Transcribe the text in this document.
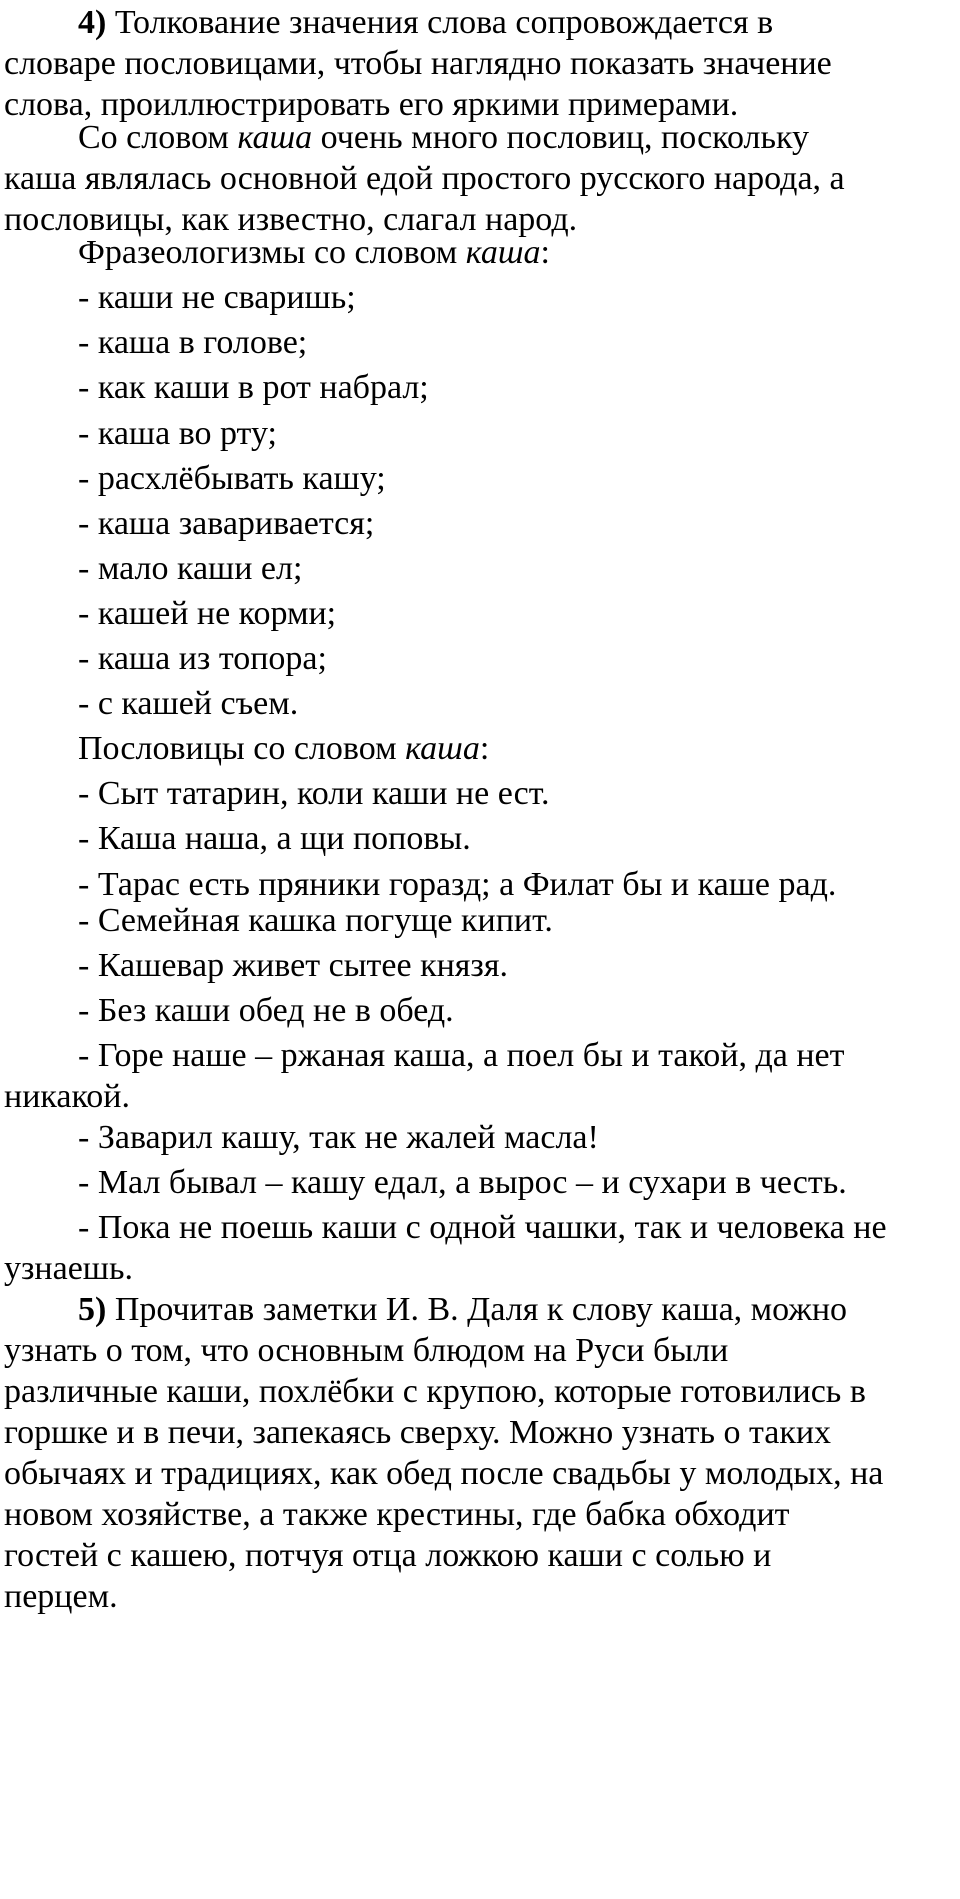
4) Толкование значения слова сопровождается в
словаре пословицами, чтобы наглядно показать значение
слова, проиллюстрировать его яркими примерами.
Со словом каша очень много пословиц, поскольку
каша являлась основной едой простого русского народа, а
пословицы, как известно, слагал народ.
Фразеологизмы со словом каша:
- каши не сваришь;
- каша в голове;
- как каши в рот набрал;
- каша во рту;
- расхлёбывать кашу;
- каша заваривается;
- мало каши ел;
- кашей не корми;
- каша из топора;
- с кашей съем.
Пословицы со словом каша:
- Сыт татарин, коли каши не ест.
- Каша наша, а щи поповы.
- Тарас есть пряники горазд; а Филат бы и каше рад.
- Семейная кашка погуще кипит.
- Кашевар живет сытее князя.
- Без каши обед не в обед.
- Горе наше – ржаная каша, а поел бы и такой, да нет
никакой.
- Заварил кашу, так не жалей масла!
- Мал бывал – кашу едал, а вырос – и сухари в честь.
- Пока не поешь каши с одной чашки, так и человека не
узнаешь.
5) Прочитав заметки И. В. Даля к слову каша, можно
узнать о том, что основным блюдом на Руси были
различные каши, похлёбки с крупою, которые готовились в
горшке и в печи, запекаясь сверху. Можно узнать о таких
обычаях и традициях, как обед после свадьбы у молодых, на
новом хозяйстве, а также крестины, где бабка обходит
гостей с кашею, потчуя отца ложкою каши с солью и
перцем.
